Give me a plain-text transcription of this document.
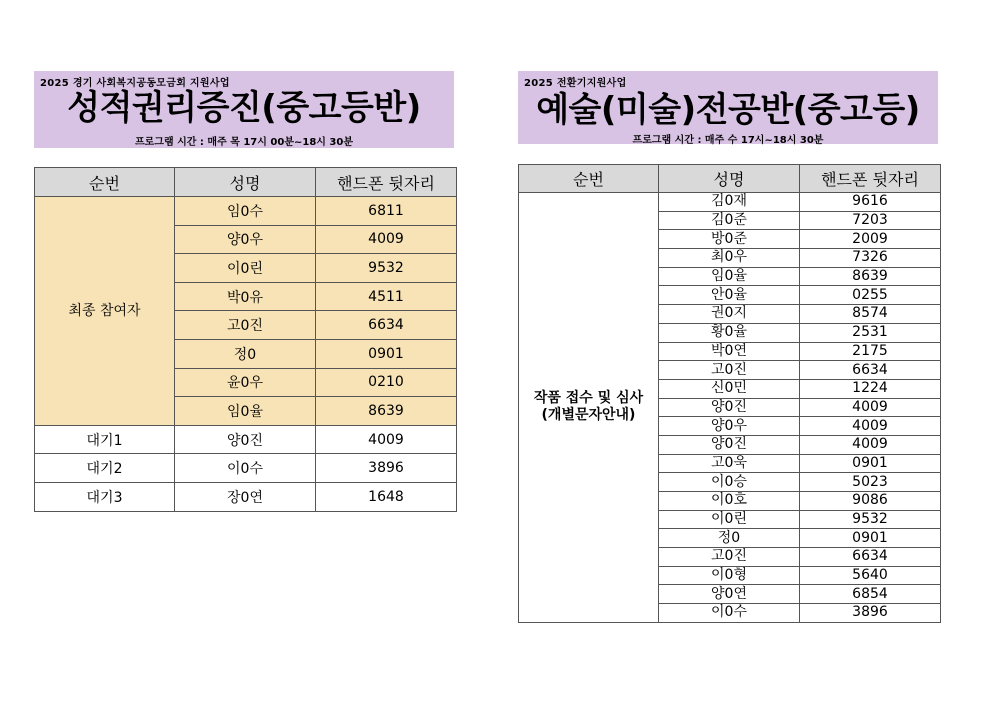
2025 경기 사회복지공동모금회 지원사업
성적권리증진(중고등반)
프로그램 시간 : 매주 목 17시 00분~18시 30분
2025 전환기지원사업
예술(미술)전공반(중고등)
프로그램 시간 : 매주 수 17시~18시 30분
순번	성명	핸드폰 뒷자리
최종 참여자	임0수	6811
	양0우	4009
	이0린	9532
	박0유	4511
	고0진	6634
	정0	0901
	윤0우	0210
	임0율	8639
대기1	양0진	4009
대기2	이0수	3896
대기3	장0연	1648
순번	성명	핸드폰 뒷자리

작품 접수 및 심사
(개별문자안내)	김0재	9616
	김0준	7203
	방0준	2009
	최0우	7326
	임0율	8639
	안0율	0255
	권0지	8574
	황0율	2531
	박0연	2175
	고0진	6634
	신0민	1224
	양0진	4009
	양0우	4009
	양0진	4009
	고0욱	0901
	이0승	5023
	이0호	9086
	이0린	9532
	정0	0901
	고0진	6634
	이0형	5640
	양0연	6854
	이0수	3896
